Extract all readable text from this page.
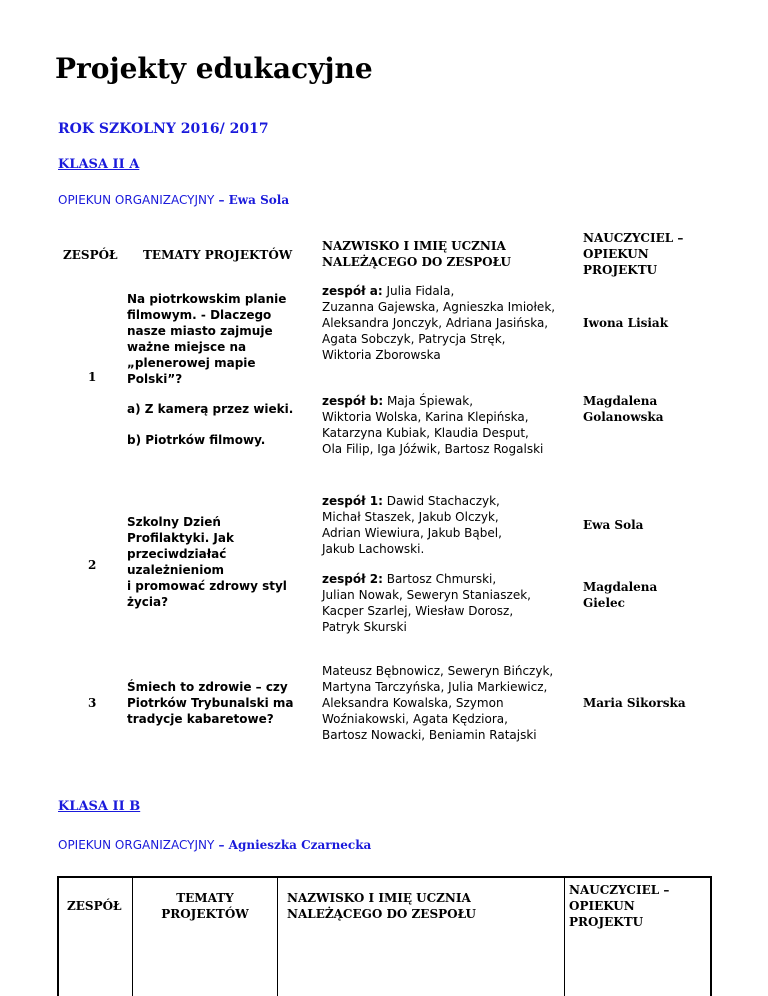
Projekty edukacyjne
ROK SZKOLNY 2016/ 2017
KLASA II A
OPIEKUN ORGANIZACYJNY – Ewa Sola
ZESPÓŁ TEMATY PROJEKTÓW
NAZWISKO I IMIĘ UCZNIA
NALEŻĄCEGO DO ZESPOŁU
NAUCZYCIEL –
OPIEKUN
PROJEKTU
1
Na piotrkowskim planie
filmowym. - Dlaczego
nasze miasto zajmuje
ważne miejsce na
„plenerowej mapie
Polski”?
a) Z kamerą przez wieki.
b) Piotrków filmowy.
zespół a: Julia Fidala,
Zuzanna Gajewska, Agnieszka Imiołek,
Aleksandra Jonczyk, Adriana Jasińska,
Agata Sobczyk, Patrycja Stręk,
Wiktoria Zborowska
Iwona Lisiak
zespół b: Maja Śpiewak,
Wiktoria Wolska, Karina Klepińska,
Katarzyna Kubiak, Klaudia Desput,
Ola Filip, Iga Jóźwik, Bartosz Rogalski
Magdalena
Golanowska
2
Szkolny Dzień
Profilaktyki. Jak
przeciwdziałać
uzależnieniom
i promować zdrowy styl
życia?
zespół 1: Dawid Stachaczyk,
Michał Staszek, Jakub Olczyk,
Adrian Wiewiura, Jakub Bąbel,
Jakub Lachowski.
Ewa Sola
zespół 2: Bartosz Chmurski,
Julian Nowak, Seweryn Staniaszek,
Kacper Szarlej, Wiesław Dorosz,
Patryk Skurski
Magdalena
Gielec
3
Śmiech to zdrowie – czy
Piotrków Trybunalski ma
tradycje kabaretowe?
Mateusz Bębnowicz, Seweryn Bińczyk,
Martyna Tarczyńska, Julia Markiewicz,
Aleksandra Kowalska, Szymon
Woźniakowski, Agata Kędziora,
Bartosz Nowacki, Beniamin Ratajski
Maria Sikorska
KLASA II B
OPIEKUN ORGANIZACYJNY – Agnieszka Czarnecka
ZESPÓŁ
TEMATY
PROJEKTÓW
NAZWISKO I IMIĘ UCZNIA
NALEŻĄCEGO DO ZESPOŁU
NAUCZYCIEL –
OPIEKUN
PROJEKTU
